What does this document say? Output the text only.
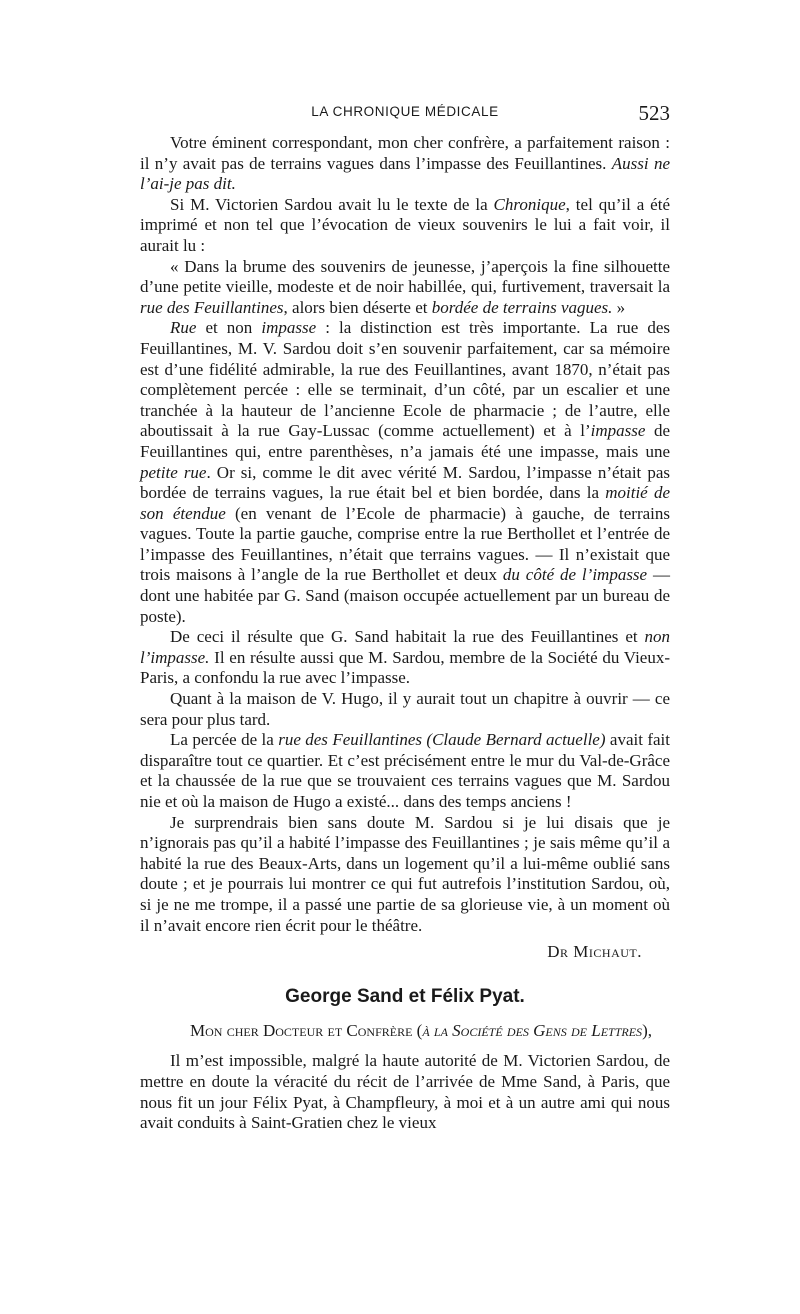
LA CHRONIQUE MÉDICALE	523

Votre éminent correspondant, mon cher confrère, a parfaitement raison : il n’y avait pas de terrains vagues dans l’impasse des Feuillantines. Aussi ne l’ai-je pas dit.

Si M. Victorien Sardou avait lu le texte de la Chronique, tel qu’il a été imprimé et non tel que l’évocation de vieux souvenirs le lui a fait voir, il aurait lu :

« Dans la brume des souvenirs de jeunesse, j’aperçois la fine silhouette d’une petite vieille, modeste et de noir habillée, qui, furtivement, traversait la rue des Feuillantines, alors bien déserte et bordée de terrains vagues. »

Rue et non impasse : la distinction est très importante. La rue des Feuillantines, M. V. Sardou doit s’en souvenir parfaitement, car sa mémoire est d’une fidélité admirable, la rue des Feuillantines, avant 1870, n’était pas complètement percée : elle se terminait, d’un côté, par un escalier et une tranchée à la hauteur de l’ancienne Ecole de pharmacie ; de l’autre, elle aboutissait à la rue Gay-Lussac (comme actuellement) et à l’impasse de Feuillantines qui, entre parenthèses, n’a jamais été une impasse, mais une petite rue. Or si, comme le dit avec vérité M. Sardou, l’impasse n’était pas bordée de terrains vagues, la rue était bel et bien bordée, dans la moitié de son étendue (en venant de l’Ecole de pharmacie) à gauche, de terrains vagues. Toute la partie gauche, comprise entre la rue Berthollet et l’entrée de l’impasse des Feuillantines, n’était que terrains vagues. — Il n’existait que trois maisons à l’angle de la rue Berthollet et deux du côté de l’impasse — dont une habitée par G. Sand (maison occupée actuellement par un bureau de poste).

De ceci il résulte que G. Sand habitait la rue des Feuillantines et non l’impasse. Il en résulte aussi que M. Sardou, membre de la Société du Vieux-Paris, a confondu la rue avec l’impasse.

Quant à la maison de V. Hugo, il y aurait tout un chapitre à ouvrir — ce sera pour plus tard.

La percée de la rue des Feuillantines (Claude Bernard actuelle) avait fait disparaître tout ce quartier. Et c’est précisément entre le mur du Val-de-Grâce et la chaussée de la rue que se trouvaient ces terrains vagues que M. Sardou nie et où la maison de Hugo a existé... dans des temps anciens !

Je surprendrais bien sans doute M. Sardou si je lui disais que je n’ignorais pas qu’il a habité l’impasse des Feuillantines ; je sais même qu’il a habité la rue des Beaux-Arts, dans un logement qu’il a lui-même oublié sans doute ; et je pourrais lui montrer ce qui fut autrefois l’institution Sardou, où, si je ne me trompe, il a passé une partie de sa glorieuse vie, à un moment où il n’avait encore rien écrit pour le théâtre.

Dr Michaut.

George Sand et Félix Pyat.

Mon cher Docteur et Confrère (à la Société des Gens de Lettres),

Il m’est impossible, malgré la haute autorité de M. Victorien Sardou, de mettre en doute la véracité du récit de l’arrivée de Mme Sand, à Paris, que nous fit un jour Félix Pyat, à Champfleury, à moi et à un autre ami qui nous avait conduits à Saint-Gratien chez le vieux
